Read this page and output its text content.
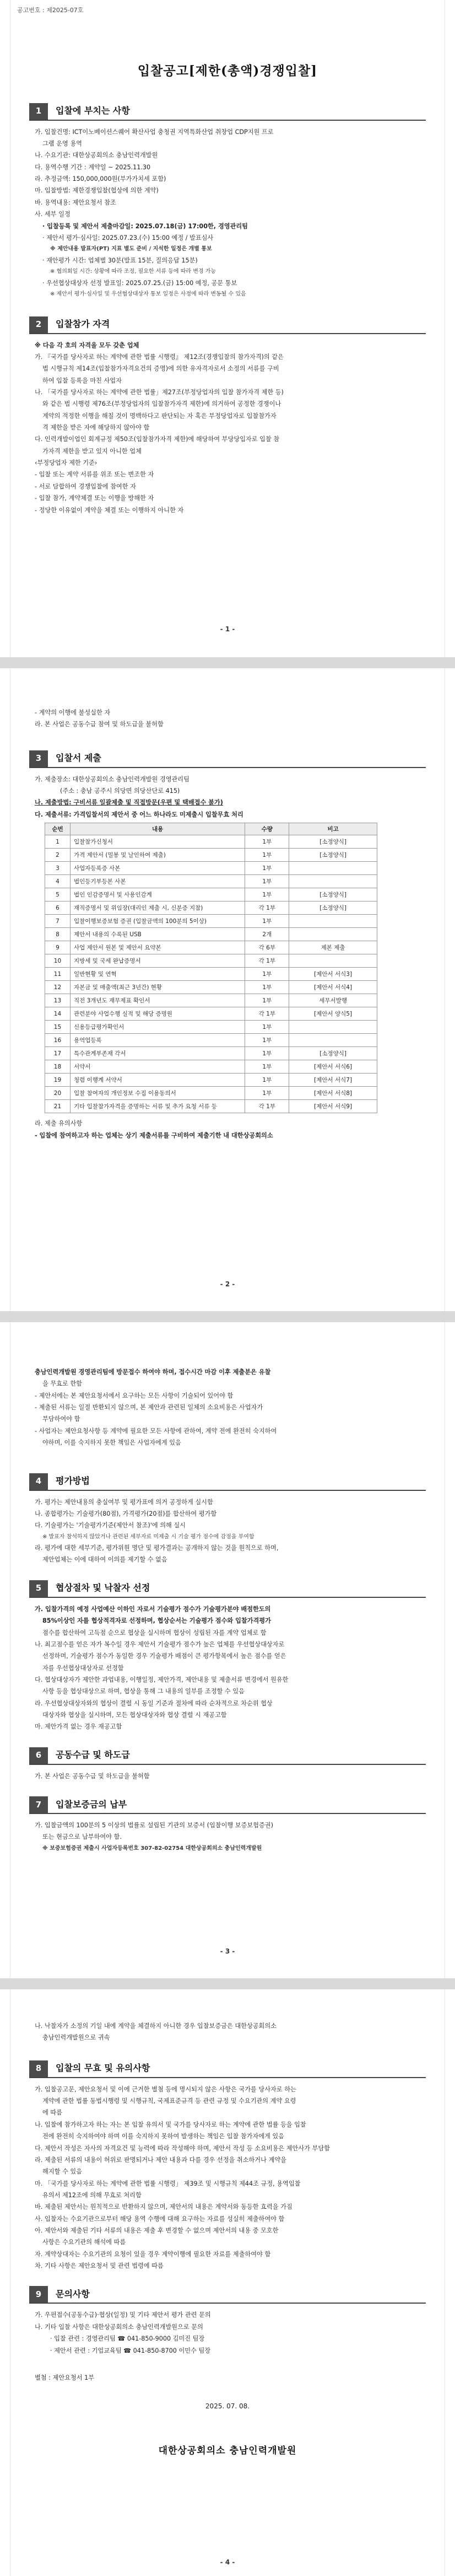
공고번호 : 제2025-07호
입찰공고[제한(총액)경쟁입찰]
1	입찰에 부치는 사항

가. 입찰건명: ICT이노베이션스퀘어 확산사업 충청권 지역특화산업 취창업 CDP지원 프로

그램 운영 용역

나. 수요기관: 대한상공회의소 충남인력개발원

다. 용역수행 기간 : 계약일 ~ 2025.11.30

라. 추정금액: 150,000,000원(부가가치세 포함)

마. 입찰방법: 제한경쟁입찰(협상에 의한 계약)

바. 용역내용: 제안요청서 참조

사. 세부 일정

· 입찰등록 및 제안서 제출마감일: 2025.07.18(금) 17:00한, 경영관리팀

· 제안서 평가·심사일: 2025.07.23.(수) 15:00 예정 / 발표심사

※ 제안내용 발표자(PT) 지표 별도 준비 / 지석한 일정은 개별 통보

· 재안평가 시간: 업체별 30분(발표 15분, 질의응답 15분)

※ 협의회일 시간: 상황에 따라 조정, 필요한 서류 등에 따라 변경 가능

· 우선협상대상자 선정 발표일: 2025.07.25.(금) 15:00 예정, 공문 통보

※ 제안서 평가·심사일 및 우선협상대상자 통보 일정은 사정에 따라 변동될 수 있음

2	입찰참가 자격

※ 다음 각 호의 자격을 모두 갖춘 업체

가. 『국가를 당사자로 하는 계약에 관한 법률 시행령』 제12조(경쟁입찰의 참가자격)의 같은

법 시행규칙 제14조(입찰참가자격요건의 증명)에 의한 유자격자로서 소정의 서류를 구비

하여 입찰 등록을 마친 사업자

나. 「국가를 당사자로 하는 계약에 관한 법률」제27조(부정당업자의 입찰 참가자격 제한 등)

와 같은 법 시행령 제76조(부정당업자의 입찰참가자격 제한)에 의거하여 공정한 경쟁이나

계약의 적정한 이행을 해칠 것이 명백하다고 판단되는 자 혹은 부정당업자로 입찰참가자

격 제한을 받은 자에 해당하지 않아야 함

다. 인력개발이업인 회계규정 제50조(입찰참가자격 제한)에 해당하여 부당당입자로 입찰 참

가자격 제한을 받고 있지 아니한 업체

‹부정당업자 제한 기준›

- 입찰 또는 계약 서류를 위조 또는 변조한 자

- 서로 담합하여 경쟁입찰에 참여한 자

- 입찰 참가, 계약체결 또는 이행을 방해한 자

- 정당한 이유없이 계약을 체결 또는 이행하지 아니한 자

- 1 -

- 계약의 이행에 불성실한 자

라. 본 사업은 공동수급 참여 및 하도급을 불허함

3	입찰서 제출

가. 제출장소: 대한상공회의소 충남인력개발원 경영관리팀

(주소 : 충남 공주시 의당면 의당산단로 415)

나. 제출방법: 구비서류 일괄제출 및 직접방문(우편 및 택배접수 불가)

다. 제출서류: 가격입찰서의 제안서 중 어느 하나라도 미제출시 입찰무효 처리

순번	내용	수량	비고
1	입찰참가신청서	1부	[소정양식]
2	가격 제안서 (밀봉 및 날인하여 제출)	1부	[소정양식]
3	사업자등록증 사본	1부	
4	법인등기부등본 사본	1부	
5	법인 인감증명서 및 사용인감계	1부	[소정양식]
6	재직증명서 및 위임장(대리인 제출 시, 신분증 지참)	각 1부	[소정양식]
7	입찰이행보증보험 증권 (입찰금액의 100분의 5이상)	1부	
8	제안서 내용의 수록된 USB	2개	
9	사업 제안서 원본 및 제안서 요약본	각 6부	제본 제출
10	지방세 및 국세 완납증명서	각 1부	
11	일반현황 및 연혁	1부	[제안서 서식3]
12	자본금 및 매출액(최근 3년간) 현황	1부	[제안서 서식4]
13	직전 3개년도 재무제표 확인서	1부	세무서발행
14	관련분야 사업수행 실적 및 해당 증명원	각 1부	[제안서 양식5]
15	신용등급평가확인서	1부	
16	용역업등록	1부	
17	특수관계부존재 각서	1부	[소정양식]
18	서약서	1부	[제안서 서식6]
19	청렴 이행계 서약서	1부	[제안서 서식7]
20	입찰 참여자의 개인정보 수집 이용동의서	1부	[제안서 서식8]
21	기타 입찰참가자격을 증명하는 서류 및 추가 요청 서류 등	각 1부	[제안서 서식9]

라. 제출 유의사항

- 입찰에 참여하고자 하는 업체는 상기 제출서류를 구비하여 제출기한 내 대한상공회의소

- 2 -

충남인력개발원 경영관리팀에 방문접수 하여야 하며, 접수시간 마감 이후 제출분은 유찰

을 무효로 한함

- 제안서에는 본 제안요청서에서 요구하는 모든 사항이 기술되어 있어야 함

- 제출된 서류는 일절 반환되지 않으며, 본 제안과 관련된 일체의 소요비용은 사업자가

부담하여야 함

- 사업자는 제안요청사항 등 계약에 필요한 모든 사항에 관하여, 계약 전에 완전히 숙지하여

야하며, 이를 숙지하지 못한 책임은 사업자에게 있음

4	평가방법

가. 평가는 제안내용의 충실여부 및 평가표에 의거 공정하게 실시함

나. 종합평가는 기술평가(80점), 가격평가(20점)를 합산하여 평가함

다. 기술평가는 '기술평가기준(제안서 참조)'에 의해 실시

※ 발표자 참석하지 않았거나 관련된 세부자료 미제출 시 기술 평가 점수에 감점을 부여함

라. 평가에 대한 세부기준, 평가위원 명단 및 평가결과는 공개하지 않는 것을 원칙으로 하며,

제안업체는 이에 대하여 이의를 제기할 수 없음

5	협상절차 및 낙찰자 선정

가. 입찰가격의 예정 사업예산 이하인 자로서 기술평가 점수가 기술평가분야 배점한도의

85%이상인 자를 협상적격자로 선정하며, 협상순서는 기술평가 점수와 입찰가격평가

점수를 합산하여 고득점 순으로 협상을 실시하며 협상이 성립된 자를 계약 업체로 함

나. 최고점수를 얻은 자가 복수일 경우 제안서 기술평가 점수가 높은 업체를 우선협상대상자로

선정하며, 기술평가 점수가 동일한 경우 기술평가 배점이 큰 평가항목에서 높은 점수를 얻은

자를 우선협상대상자로 선정함

다. 협상대상자가 제안한 과업내용, 이행일정, 제안가격, 제안내용 및 제출서류 변경에서 원유한

사항 등을 협상대상으로 하며, 협상을 통해 그 내용의 일부를 조정할 수 있음

라. 우선협상대상자와의 협상이 결렬 시 동일 기준과 절차에 따라 순차적으로 차순위 협상

대상자와 협상을 실시하며, 모든 협상대상자와 협상 결렬 시 재공고함

마. 제안가격 없는 경우 재공고함

6	공동수급 및 하도급

가. 본 사업은 공동수급 및 하도급을 불허함

7	입찰보증금의 납부

가. 입찰금액의 100분의 5 이상의 법률로 설립된 기관의 보증서 (입찰이행 보증보험증권)

또는 현금으로 납부하여야 함.

※ 보증보험증권 제출시 사업자등록번호 307-82-02754 대한상공회의소 충남인력개발원

- 3 -

나. 낙찰자가 소정의 기일 내에 계약을 체결하지 아니한 경우 입찰보증금은 대한상공회의소

충남인력개발원으로 귀속

8	입찰의 무효 및 유의사항

가. 입찰공고문, 제안요청서 및 이에 근거한 별첨 등에 명시되지 않은 사항은 국가를 당사자로 하는

계약에 관한 법률 동법시행령 및 시행규칙, 국제표준규격 등 관련 규정 및 수요기관의 계약 요령

에 따름

나. 입찰에 참가하고자 하는 자는 본 입찰 유의서 및 국가를 당사자로 하는 계약에 관한 법률 등을 입찰

전에 완전히 숙지하여야 하며 이를 숙지하지 못하여 발생하는 책임은 입찰 참가자에게 있음

다. 제안서 작성은 자사의 자격요건 및 능력에 따라 작성해야 하며, 제안서 작성 등 소요비용은 제안사가 부담함

라. 제출된 서류의 내용이 허위로 판명되거나 제안 내용과 다를 경우 선정을 취소하거나 계약을

해지할 수 있음

마. 「국가를 당사자로 하는 계약에 관한 법률 시행령」 제39조 및 시행규칙 제44조 규정, 용역입찰

유의서 제12조에 의해 무효로 처리함

바. 제출된 제안서는 원칙적으로 반환하지 않으며, 제안서의 내용은 계약서와 동등한 효력을 가짐

사. 입찰자는 수요기관으로부터 해당 용역 수행에 대해 요구하는 자료를 성실히 제출하여야 함

아. 제안서와 제출된 기타 서류의 내용은 제출 후 변경할 수 없으며 제안서의 내용 중 모호한

사항은 수요기관의 해석에 따름

자. 계약상대자는 수요기관의 요청이 있을 경우 계약이행에 필요한 자료를 제출하여야 함

차. 기타 사항은 제안요청서 및 관련 법령에 따름

9	문의사항

가. 우편접수(공동수급)·협상(일정) 및 기타 제안서 평가 관련 문의

나. 기타 입찰 사항은 대한상공회의소 충남인력개발원으로 문의

· 입찰 관련 : 경영관리팀 ☎ 041-850-9000 김미진 팀장

· 제안서 관련 : 기업교육팀 ☎ 041-850-8700 이민수 팀장

별첨 : 제안요청서 1부
2025. 07. 08.
대한상공회의소 충남인력개발원
- 4 -
